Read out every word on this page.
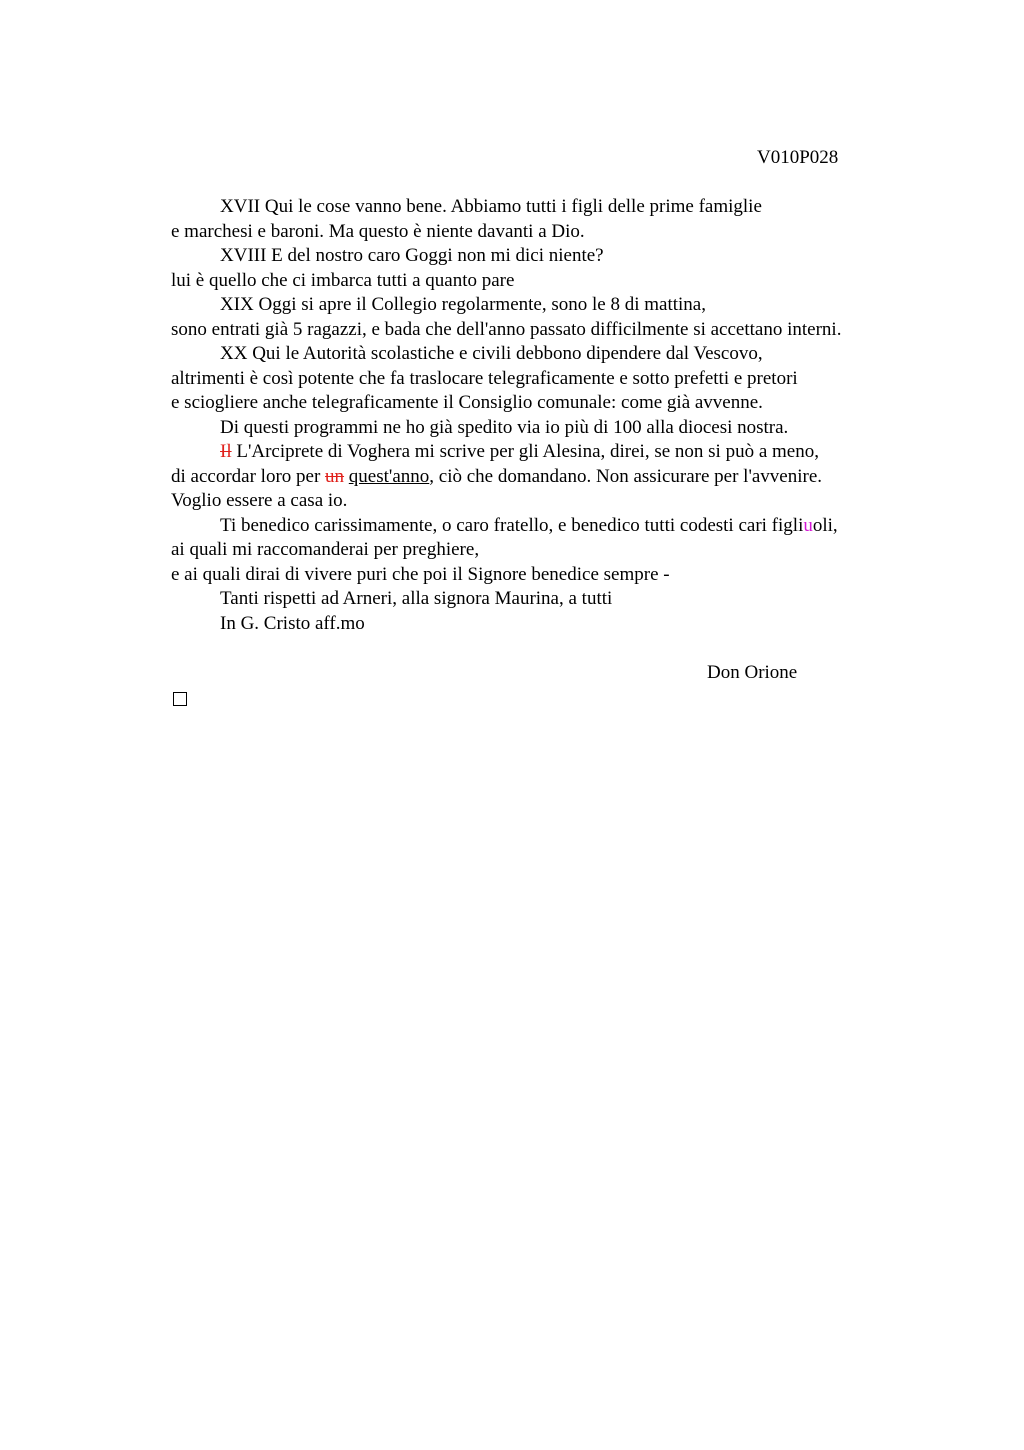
V010P028
XVII Qui le cose vanno bene. Abbiamo tutti i figli delle prime famiglie
e marchesi e baroni. Ma questo è niente davanti a Dio.
XVIII E del nostro caro Goggi non mi dici niente?
lui è quello che ci imbarca tutti a quanto pare
XIX Oggi si apre il Collegio regolarmente, sono le 8 di mattina,
sono entrati già 5 ragazzi, e bada che dell'anno passato difficilmente si accettano interni.
XX Qui le Autorità scolastiche e civili debbono dipendere dal Vescovo,
altrimenti è così potente che fa traslocare telegraficamente e sotto prefetti e pretori
e sciogliere anche telegraficamente il Consiglio comunale: come già avvenne.
Di questi programmi ne ho già spedito via io più di 100 alla diocesi nostra.
Il L'Arciprete di Voghera mi scrive per gli Alesina, direi, se non si può a meno,
di accordar loro per un quest'anno, ciò che domandano. Non assicurare per l'avvenire.
Voglio essere a casa io.
Ti benedico carissimamente, o caro fratello, e benedico tutti codesti cari figliuoli,
ai quali mi raccomanderai per preghiere,
e ai quali dirai di vivere puri che poi il Signore benedice sempre -
Tanti rispetti ad Arneri, alla signora Maurina, a tutti
In G. Cristo aff.mo
Don Orione
